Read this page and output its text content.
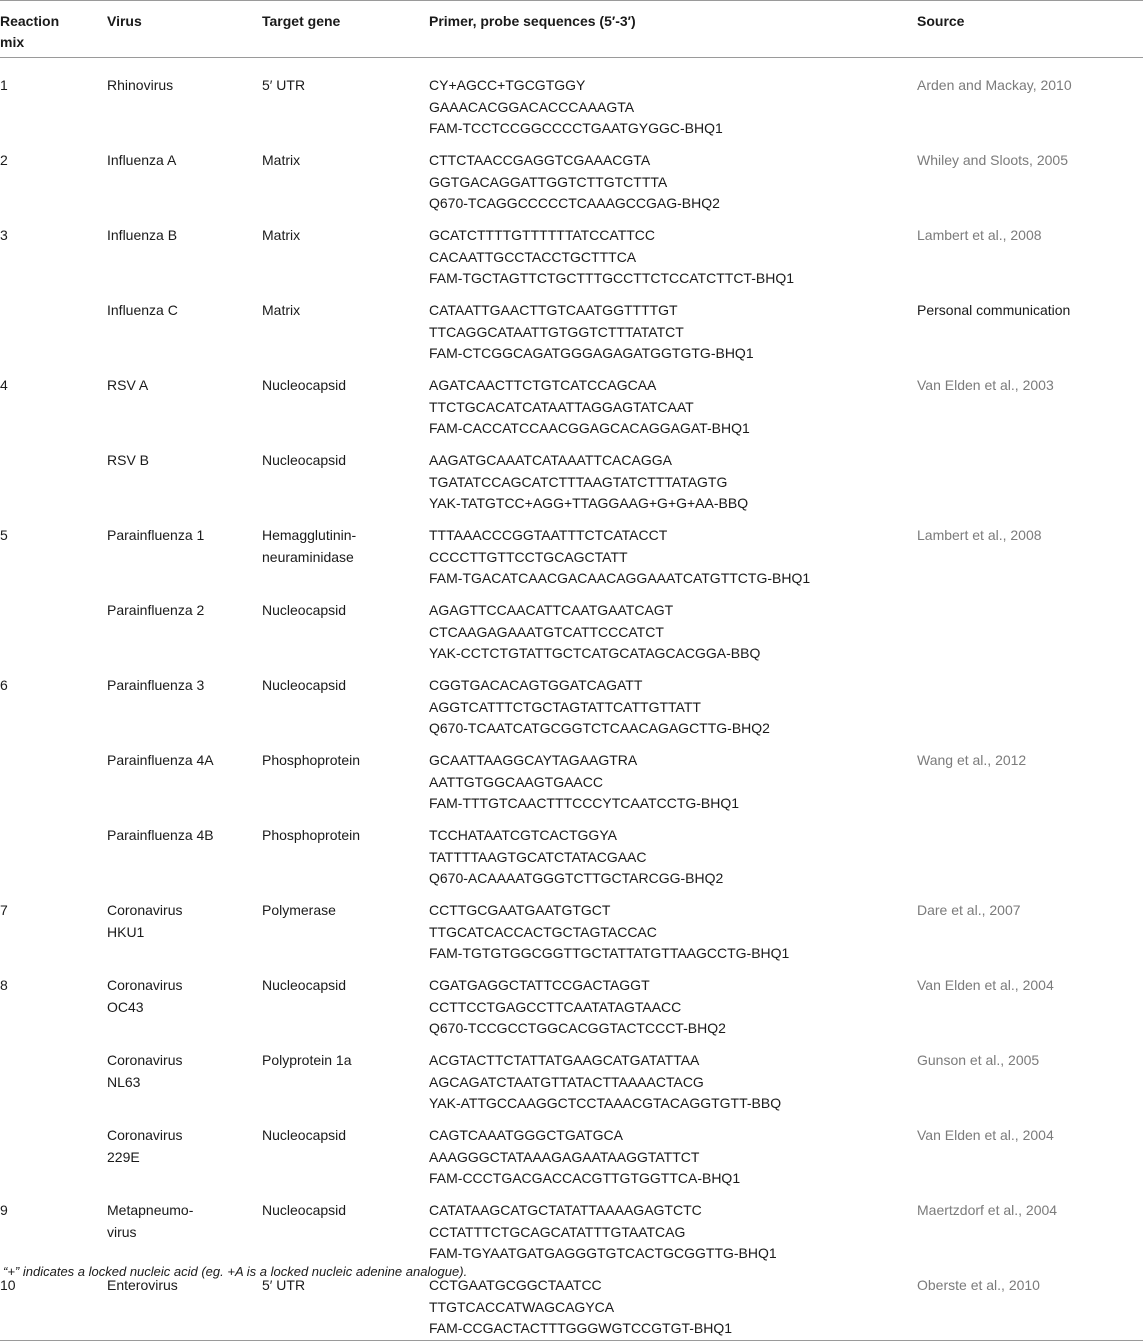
Reaction
mix	Virus	Target gene	Primer, probe sequences (5′-3′)	Source
1	Rhinovirus	5′ UTR	CY+AGCC+TGCGTGGY
GAAACACGGACACCCAAAGTA
FAM-TCCTCCGGCCCCTGAATGYGGC-BHQ1	Arden and Mackay, 2010
2	Influenza A	Matrix	CTTCTAACCGAGGTCGAAACGTA
GGTGACAGGATTGGTCTTGTCTTTA
Q670-TCAGGCCCCCTCAAAGCCGAG-BHQ2	Whiley and Sloots, 2005
3	Influenza B	Matrix	GCATCTTTTGTTTTTTATCCATTCC
CACAATTGCCTACCTGCTTTCA
FAM-TGCTAGTTCTGCTTTGCCTTCTCCATCTTCT-BHQ1	Lambert et al., 2008

	Influenza C	Matrix	CATAATTGAACTTGTCAATGGTTTTGT
TTCAGGCATAATTGTGGTCTTTATATCT
FAM-CTCGGCAGATGGGAGAGATGGTGTG-BHQ1	Personal communication
4	RSV A	Nucleocapsid	AGATCAACTTCTGTCATCCAGCAA
TTCTGCACATCATAATTAGGAGTATCAAT
FAM-CACCATCCAACGGAGCACAGGAGAT-BHQ1	Van Elden et al., 2003

	RSV B	Nucleocapsid	AAGATGCAAATCATAAATTCACAGGA
TGATATCCAGCATCTTTAAGTATCTTTATAGTG
YAK-TATGTCC+AGG+TTAGGAAG+G+G+AA-BBQ	

5	Parainfluenza 1	Hemagglutinin-
neuraminidase	TTTAAACCCGGTAATTTCTCATACCT
CCCCTTGTTCCTGCAGCTATT
FAM-TGACATCAACGACAACAGGAAATCATGTTCTG-BHQ1	Lambert et al., 2008

	Parainfluenza 2	Nucleocapsid	AGAGTTCCAACATTCAATGAATCAGT
CTCAAGAGAAATGTCATTCCCATCT
YAK-CCTCTGTATTGCTCATGCATAGCACGGA-BBQ	

6	Parainfluenza 3	Nucleocapsid	CGGTGACACAGTGGATCAGATT
AGGTCATTTCTGCTAGTATTCATTGTTATT
Q670-TCAATCATGCGGTCTCAACAGAGCTTG-BHQ2	

	Parainfluenza 4A	Phosphoprotein	GCAATTAAGGCAYTAGAAGTRA
AATTGTGGCAAGTGAACC
FAM-TTTGTCAACTTTCCCYTCAATCCTG-BHQ1	Wang et al., 2012

	Parainfluenza 4B	Phosphoprotein	TCCHATAATCGTCACTGGYA
TATTTTAAGTGCATCTATACGAAC
Q670-ACAAAATGGGTCTTGCTARCGG-BHQ2	

7	Coronavirus
HKU1	Polymerase	CCTTGCGAATGAATGTGCT
TTGCATCACCACTGCTAGTACCAC
FAM-TGTGTGGCGGTTGCTATTATGTTAAGCCTG-BHQ1	Dare et al., 2007
8	Coronavirus
OC43	Nucleocapsid	CGATGAGGCTATTCCGACTAGGT
CCTTCCTGAGCCTTCAATATAGTAACC
Q670-TCCGCCTGGCACGGTACTCCCT-BHQ2	Van Elden et al., 2004

	Coronavirus
NL63	Polyprotein 1a	ACGTACTTCTATTATGAAGCATGATATTAA
AGCAGATCTAATGTTATACTTAAAACTACG
YAK-ATTGCCAAGGCTCCTAAACGTACAGGTGTT-BBQ	Gunson et al., 2005

	Coronavirus
229E	Nucleocapsid	CAGTCAAATGGGCTGATGCA
AAAGGGCTATAAAGAGAATAAGGTATTCT
FAM-CCCTGACGACCACGTTGTGGTTCA-BHQ1	Van Elden et al., 2004
9	Metapneumo-
virus	Nucleocapsid	CATATAAGCATGCTATATTAAAAGAGTCTC
CCTATTTCTGCAGCATATTTGTAATCAG
FAM-TGYAATGATGAGGGTGTCACTGCGGTTG-BHQ1	Maertzdorf et al., 2004
10	Enterovirus	5′ UTR	CCTGAATGCGGCTAATCC
TTGTCACCATWAGCAGYCA
FAM-CCGACTACTTTGGGWGTCCGTGT-BHQ1	Oberste et al., 2010
“+” indicates a locked nucleic acid (eg. +A is a locked nucleic adenine analogue).
